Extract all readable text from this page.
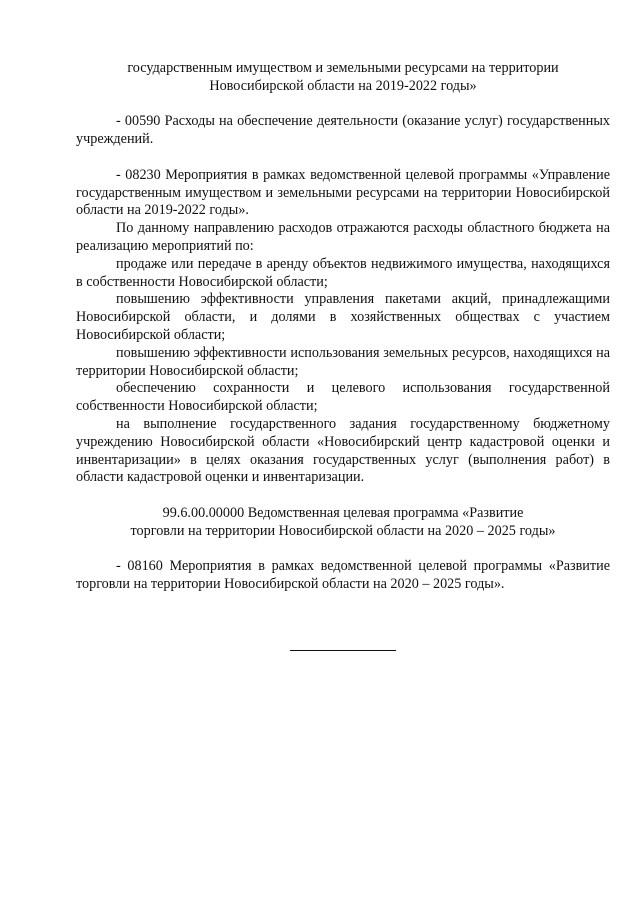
государственным имуществом и земельными ресурсами на территории
Новосибирской области на 2019-2022 годы»

- 00590 Расходы на обеспечение деятельности (оказание услуг) государственных учреждений.

- 08230 Мероприятия в рамках ведомственной целевой программы «Управление государственным имуществом и земельными ресурсами на территории Новосибирской области на 2019-2022 годы».

По данному направлению расходов отражаются расходы областного бюджета на реализацию мероприятий по:

продаже или передаче в аренду объектов недвижимого имущества, находящихся в собственности Новосибирской области;

повышению эффективности управления пакетами акций, принадлежащими Новосибирской области, и долями в хозяйственных обществах с участием Новосибирской области;

повышению эффективности использования земельных ресурсов, находящихся на территории Новосибирской области;

обеспечению сохранности и целевого использования государственной собственности Новосибирской области;

на выполнение государственного задания государственному бюджетному учреждению Новосибирской области «Новосибирский центр кадастровой оценки и инвентаризации» в целях оказания государственных услуг (выполнения работ) в области кадастровой оценки и инвентаризации.

99.6.00.00000 Ведомственная целевая программа «Развитие
торговли на территории Новосибирской области на 2020 – 2025 годы»

- 08160 Мероприятия в рамках ведомственной целевой программы «Развитие торговли на территории Новосибирской области на 2020 – 2025 годы».
